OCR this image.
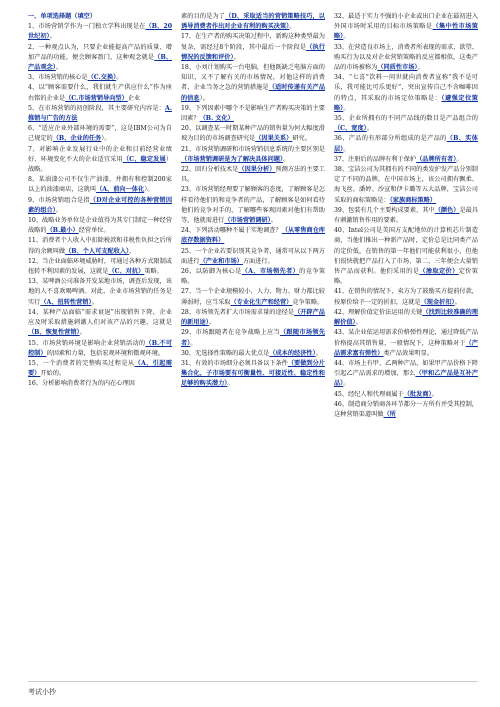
一、单项选择题（填空）
1、市场营销学作为一门独立学科出现是在（B、20世纪初）。
2、一种观点认为，只要企业能提高产品的质量、增加产品的功能，便会顾客盈门，这种观念就是（B、产品观念）。
3、市场营销的核心是（C.交换）。
4、以“顾客需要什么，我们就生产供应什么”作为座右铭的企业是（C.市场营销导向型）企业
5、在市场营销的初创阶段，其主要研究内容是：A.推销与广告的方法
6、“适应企业外部环境的需要”，这是IBM公司为自己规定的（B、企业的任务）。
7、对影响企业发展行业中的企业和目前经营业绩好、环境变化不大的企业适宜采用（C、稳定发展）战略。
8、某油漆公司不仅生产油漆，并拥有和控制200家以上的油漆商店，这就叫（A、前向一体化）。
9、市场营销组合是指（D对企业可控的各种营销因素的组合）。
10、战略业务单位是企业值得为其专门制定一种经营战略的（B.最小）经营单位。
11、消费者个人收入中扣除税款和非税性负担之后所得的余额叫做（B、个人可支配收入）。
12、当企业面临环境威胁时，可通过各种方式限制或扭转不利因素的发展，这就是（C、对抗）策略。
13、某啤酒公司准备开发某地市场，调查后发现，该地的人不喜欢喝啤酒。对此，企业市场营销的任务是实行（A、扭转性营销）。
14、某种产品面临“需求衰退”出现销售下降，企业应及时采取措施刺激人们对该产品的兴趣，这就是（B、恢复性营销）。
15、市场营销环境是影响企业营销活动的（B.不可控制）的因素和力量，包括宏观环境和微观环境。
15、一个消费者的完整购买过程是从（A、引起需要）开始的。
16、分析影响消费者行为的内在心理因
素的目的是为了（D、采取适当的营销策略技巧，以诱导消费者作出对企业有利的购买决策）。
17、在生产者的购买决策过程中，新购这种类型最为复杂，需经过8个阶段，其中最后一个阶段是（执行情况的反馈和评价）。
18、小刘计划购买一台电脑，但他既缺乏电脑方面的知识，又不了解有关的市场情况，对他这样的消费者，企业当务之急的营销措施是（适时传递有关产品的信息）。
19、下列因素中哪个不是影响生产者购买决策的主要因素？（B. 文化）
20、以调查某一时期某种产品的销售量为何大幅度滑坡为目的的市场调查研究是（因果关系）研究。
21、市场营销调研和市场营销信息系统的主要区别是（市场营销调研是为了解决具体问题）。
22、回归分析技术是（因果分析）预测方法的主要工具。
23、市场营销经理要了解顾客的态度，了解顾客是怎样看待他们的和竞争者的产品，了解顾客是如何看待他们的竞争对手的，了解哪些客观因素对他们有帮助等，他就需进行（市场营销调研）。
24、下列活动哪种不属于实地调查？（从零售商仓库底存数据资料）
25、一个企业若要识别其竞争者，通常可从以下两方面进行（产业和市场）方面进行。
26、以防御为核心是（A、市场领先者）的竞争策略。
27、当一个企业规模较小，人力、物力、财力都比较薄弱时，应当采取（专业化生产和经营）竞争策略。
28、市场领先者扩大市场需求量的途径是（开辟产品的新用途）。
29、市场跟随者在竞争战略上应当（跟随市场领先者）。
30、无选择性策略的最大优点是（成本的经济性）。
31、有效的市场细分必须具备以下条件（要做到分片集合化，子市场要有可衡量性、可接近性、稳定性和足够的购买潜力）。
32、最适于实力不强的小企业或出口企业在最初进入外国市场时采用的目标市场策略是（集中性市场策略）。
33、在营造良市场上，消费者所表现的需求、欲望、购买行为以及对企业营销策略的反应都相似，这类产品的市场被称为（同质性市场）。
34、“七喜”饮料一问世就向消费者宣称“我不是可乐，我可能比可乐更好”，突出宣传自己不含咖啡因的特点，其采取的市场定位策略是：（避强定位策略）。
35、企业所拥有的不同产品线的数目是产品组合的（C、宽度）。
36、产品的有形部分所组成的是产品的（B、实体层）。
37、注册后的品牌有利于保护（品牌所有者）。
38、宝洁公司为其拥有的不同的类发护发产品分别制定了不同的品牌，在中国市场上，该公司拥有飘柔、海飞丝、潘婷、沙宣和伊卡璐等五大品牌，宝洁公司采取的商标策略是：（家族商标策略）
39、包装有几个主要构成要素，其中（颜色）是最具有刺激销售作用的要素。
40、Intel公司是美国方支配地位的计算机芯片制造商，当他们推出一种新产品时，定价总是比同类产品的定价低，在销售的第一年他们可能获利很小，但他们很快就把产品打入了市场，第二、三年便会大量销售产品而获利。他们采用的是（渗取定价）定价策略。
41、在销售的情况下，卖方为了鼓励买方提前付款，按原价给予一定的折扣，这就是（现金折扣）。
42、理解价值定价法运用的关键（找到比较准确的理解价值）。
43、某企业依运用需求价格弹性理论，通过降低产品价格提高其销售量，一般情况下，这种策略对于（产品需求富有弹性）类产品效果明显。
44、市场上有甲、乙两种产品，如果甲产品价格下降引起乙产品需求的增加，那么（甲和乙产品是互补产品）。
45、经纪人和代理商属于（批发商）。
46、制造商分销商各环节都分一方所有并受其控制，这种营销渠道叫做（所
考试小抄
